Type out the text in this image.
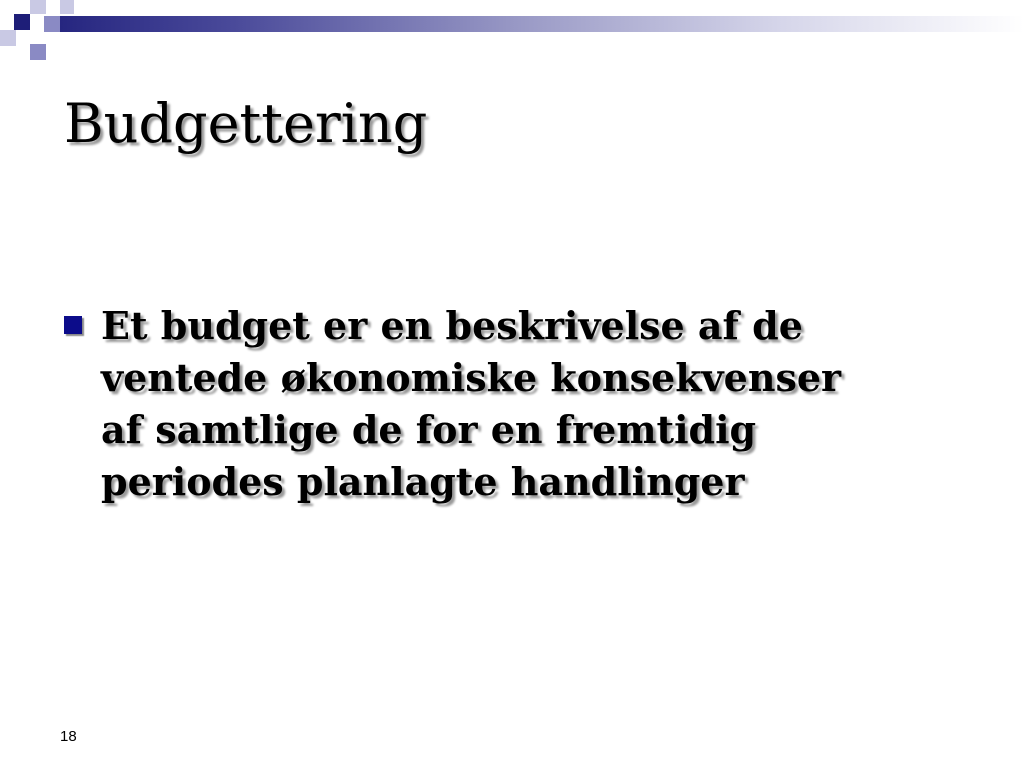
Budgettering
Et budget er en beskrivelse af de
ventede økonomiske konsekvenser
af samtlige de for en fremtidig
periodes planlagte handlinger
18
